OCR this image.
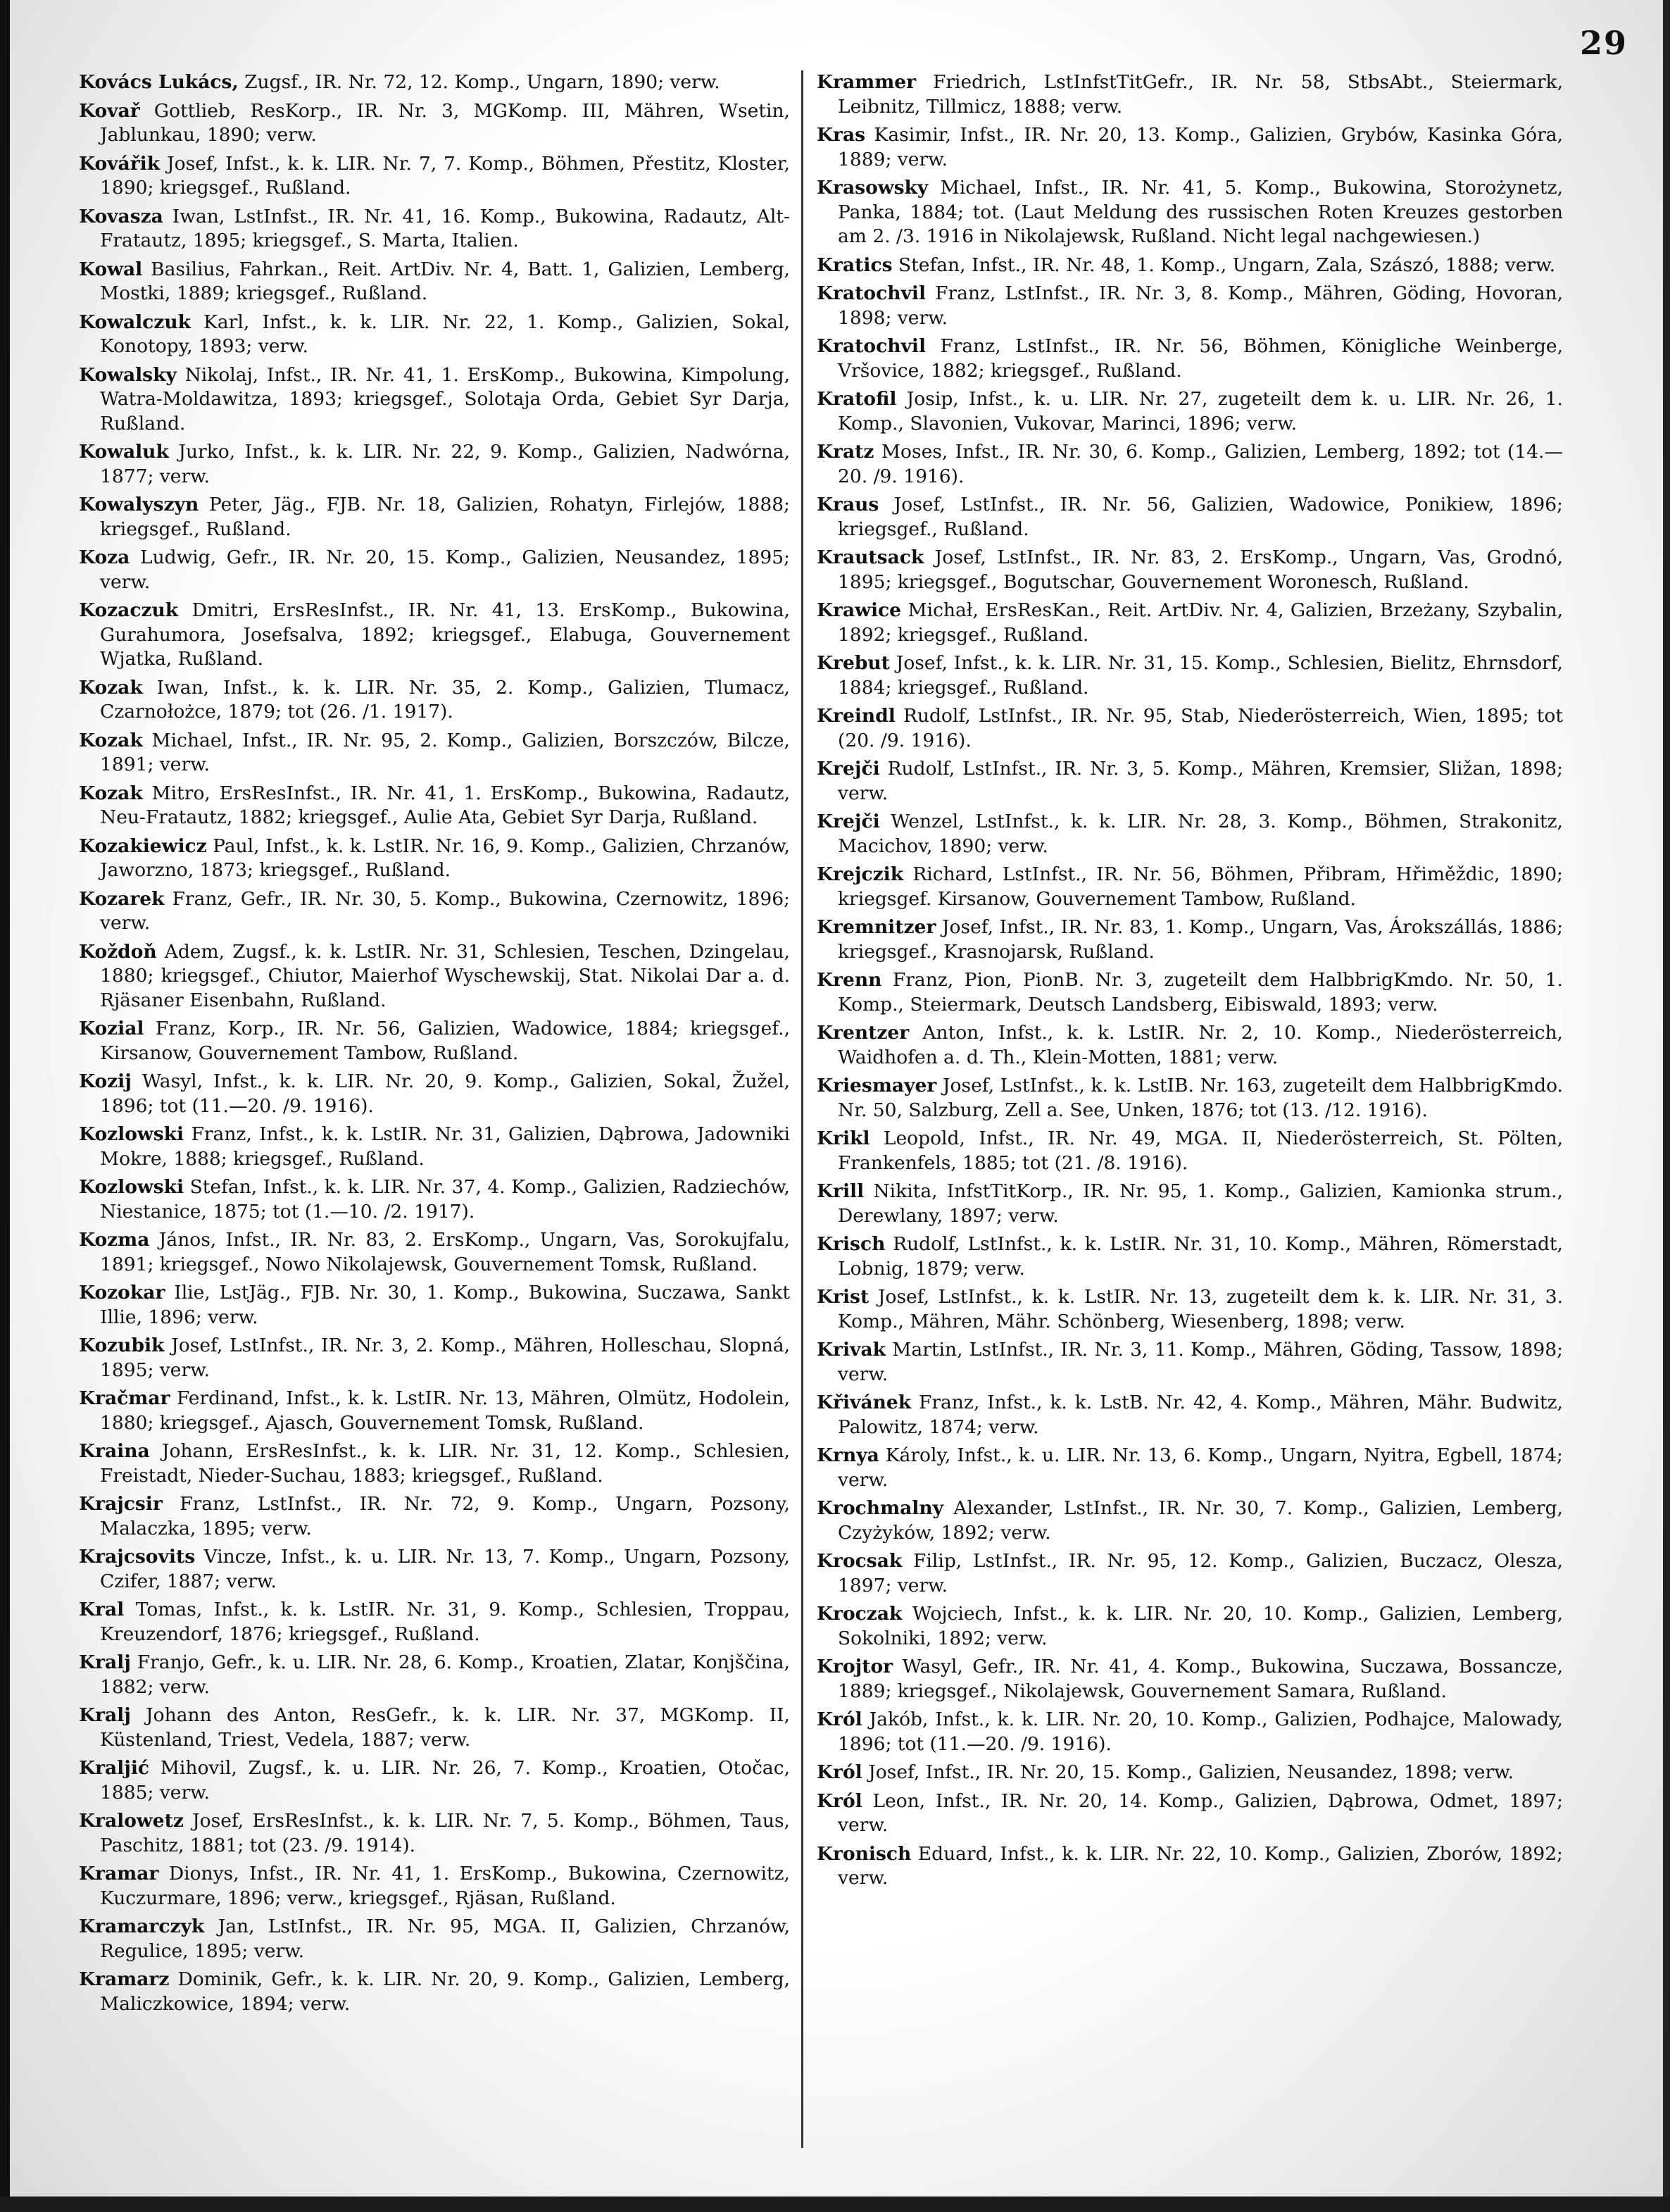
29

Kovács Lukács, Zugsf., IR. Nr. 72, 12. Komp., Ungarn, 1890; verw.

Kovař Gottlieb, ResKorp., IR. Nr. 3, MGKomp. III, Mähren, Wsetin, Jablunkau, 1890; verw.

Kovářik Josef, Infst., k. k. LIR. Nr. 7, 7. Komp., Böhmen, Přestitz, Kloster, 1890; kriegsgef., Rußland.

Kovasza Iwan, LstInfst., IR. Nr. 41, 16. Komp., Bukowina, Radautz, Alt-Fratautz, 1895; kriegsgef., S. Marta, Italien.

Kowal Basilius, Fahrkan., Reit. ArtDiv. Nr. 4, Batt. 1, Galizien, Lemberg, Mostki, 1889; kriegsgef., Rußland.

Kowalczuk Karl, Infst., k. k. LIR. Nr. 22, 1. Komp., Galizien, Sokal, Konotopy, 1893; verw.

Kowalsky Nikolaj, Infst., IR. Nr. 41, 1. ErsKomp., Bukowina, Kimpolung, Watra-Moldawitza, 1893; kriegsgef., Solotaja Orda, Gebiet Syr Darja, Rußland.

Kowaluk Jurko, Infst., k. k. LIR. Nr. 22, 9. Komp., Galizien, Nadwórna, 1877; verw.

Kowalyszyn Peter, Jäg., FJB. Nr. 18, Galizien, Rohatyn, Firlejów, 1888; kriegsgef., Rußland.

Koza Ludwig, Gefr., IR. Nr. 20, 15. Komp., Galizien, Neusandez, 1895; verw.

Kozaczuk Dmitri, ErsResInfst., IR. Nr. 41, 13. ErsKomp., Bukowina, Gurahumora, Josefsalva, 1892; kriegsgef., Elabuga, Gouvernement Wjatka, Rußland.

Kozak Iwan, Infst., k. k. LIR. Nr. 35, 2. Komp., Galizien, Tlumacz, Czarnołożce, 1879; tot (26. /1. 1917).

Kozak Michael, Infst., IR. Nr. 95, 2. Komp., Galizien, Borszczów, Bilcze, 1891; verw.

Kozak Mitro, ErsResInfst., IR. Nr. 41, 1. ErsKomp., Bukowina, Radautz, Neu-Fratautz, 1882; kriegsgef., Aulie Ata, Gebiet Syr Darja, Rußland.

Kozakiewicz Paul, Infst., k. k. LstIR. Nr. 16, 9. Komp., Galizien, Chrzanów, Jaworzno, 1873; kriegsgef., Rußland.

Kozarek Franz, Gefr., IR. Nr. 30, 5. Komp., Bukowina, Czernowitz, 1896; verw.

Koždoň Adem, Zugsf., k. k. LstIR. Nr. 31, Schlesien, Teschen, Dzingelau, 1880; kriegsgef., Chiutor, Maierhof Wyschewskij, Stat. Nikolai Dar a. d. Rjäsaner Eisenbahn, Rußland.

Kozial Franz, Korp., IR. Nr. 56, Galizien, Wadowice, 1884; kriegsgef., Kirsanow, Gouvernement Tambow, Rußland.

Kozij Wasyl, Infst., k. k. LIR. Nr. 20, 9. Komp., Galizien, Sokal, Žužel, 1896; tot (11.—20. /9. 1916).

Kozlowski Franz, Infst., k. k. LstIR. Nr. 31, Galizien, Dąbrowa, Jadowniki Mokre, 1888; kriegsgef., Rußland.

Kozlowski Stefan, Infst., k. k. LIR. Nr. 37, 4. Komp., Galizien, Radziechów, Niestanice, 1875; tot (1.—10. /2. 1917).

Kozma János, Infst., IR. Nr. 83, 2. ErsKomp., Ungarn, Vas, Sorokujfalu, 1891; kriegsgef., Nowo Nikolajewsk, Gouvernement Tomsk, Rußland.

Kozokar Ilie, LstJäg., FJB. Nr. 30, 1. Komp., Bukowina, Suczawa, Sankt Illie, 1896; verw.

Kozubik Josef, LstInfst., IR. Nr. 3, 2. Komp., Mähren, Holleschau, Slopná, 1895; verw.

Kračmar Ferdinand, Infst., k. k. LstIR. Nr. 13, Mähren, Olmütz, Hodolein, 1880; kriegsgef., Ajasch, Gouvernement Tomsk, Rußland.

Kraina Johann, ErsResInfst., k. k. LIR. Nr. 31, 12. Komp., Schlesien, Freistadt, Nieder-Suchau, 1883; kriegsgef., Rußland.

Krajcsir Franz, LstInfst., IR. Nr. 72, 9. Komp., Ungarn, Pozsony, Malaczka, 1895; verw.

Krajcsovits Vincze, Infst., k. u. LIR. Nr. 13, 7. Komp., Ungarn, Pozsony, Czifer, 1887; verw.

Kral Tomas, Infst., k. k. LstIR. Nr. 31, 9. Komp., Schlesien, Troppau, Kreuzendorf, 1876; kriegsgef., Rußland.

Kralj Franjo, Gefr., k. u. LIR. Nr. 28, 6. Komp., Kroatien, Zlatar, Konjščina, 1882; verw.

Kralj Johann des Anton, ResGefr., k. k. LIR. Nr. 37, MGKomp. II, Küstenland, Triest, Vedela, 1887; verw.

Kraljić Mihovil, Zugsf., k. u. LIR. Nr. 26, 7. Komp., Kroatien, Otočac, 1885; verw.

Kralowetz Josef, ErsResInfst., k. k. LIR. Nr. 7, 5. Komp., Böhmen, Taus, Paschitz, 1881; tot (23. /9. 1914).

Kramar Dionys, Infst., IR. Nr. 41, 1. ErsKomp., Bukowina, Czernowitz, Kuczurmare, 1896; verw., kriegsgef., Rjäsan, Rußland.

Kramarczyk Jan, LstInfst., IR. Nr. 95, MGA. II, Galizien, Chrzanów, Regulice, 1895; verw.

Kramarz Dominik, Gefr., k. k. LIR. Nr. 20, 9. Komp., Galizien, Lemberg, Maliczkowice, 1894; verw.

Krammer Friedrich, LstInfstTitGefr., IR. Nr. 58, StbsAbt., Steiermark, Leibnitz, Tillmicz, 1888; verw.

Kras Kasimir, Infst., IR. Nr. 20, 13. Komp., Galizien, Grybów, Kasinka Góra, 1889; verw.

Krasowsky Michael, Infst., IR. Nr. 41, 5. Komp., Bukowina, Storożynetz, Panka, 1884; tot. (Laut Meldung des russischen Roten Kreuzes gestorben am 2. /3. 1916 in Nikolajewsk, Rußland. Nicht legal nachgewiesen.)

Kratics Stefan, Infst., IR. Nr. 48, 1. Komp., Ungarn, Zala, Szászó, 1888; verw.

Kratochvil Franz, LstInfst., IR. Nr. 3, 8. Komp., Mähren, Göding, Hovoran, 1898; verw.

Kratochvil Franz, LstInfst., IR. Nr. 56, Böhmen, Königliche Weinberge, Vršovice, 1882; kriegsgef., Rußland.

Kratofil Josip, Infst., k. u. LIR. Nr. 27, zugeteilt dem k. u. LIR. Nr. 26, 1. Komp., Slavonien, Vukovar, Marinci, 1896; verw.

Kratz Moses, Infst., IR. Nr. 30, 6. Komp., Galizien, Lemberg, 1892; tot (14.—20. /9. 1916).

Kraus Josef, LstInfst., IR. Nr. 56, Galizien, Wadowice, Ponikiew, 1896; kriegsgef., Rußland.

Krautsack Josef, LstInfst., IR. Nr. 83, 2. ErsKomp., Ungarn, Vas, Grodnó, 1895; kriegsgef., Bogutschar, Gouvernement Woronesch, Rußland.

Krawice Michał, ErsResKan., Reit. ArtDiv. Nr. 4, Galizien, Brzeżany, Szybalin, 1892; kriegsgef., Rußland.

Krebut Josef, Infst., k. k. LIR. Nr. 31, 15. Komp., Schlesien, Bielitz, Ehrnsdorf, 1884; kriegsgef., Rußland.

Kreindl Rudolf, LstInfst., IR. Nr. 95, Stab, Niederösterreich, Wien, 1895; tot (20. /9. 1916).

Krejči Rudolf, LstInfst., IR. Nr. 3, 5. Komp., Mähren, Kremsier, Sližan, 1898; verw.

Krejči Wenzel, LstInfst., k. k. LIR. Nr. 28, 3. Komp., Böhmen, Strakonitz, Macichov, 1890; verw.

Krejczik Richard, LstInfst., IR. Nr. 56, Böhmen, Přibram, Hřiměždic, 1890; kriegsgef. Kirsanow, Gouvernement Tambow, Rußland.

Kremnitzer Josef, Infst., IR. Nr. 83, 1. Komp., Ungarn, Vas, Árokszállás, 1886; kriegsgef., Krasnojarsk, Rußland.

Krenn Franz, Pion, PionB. Nr. 3, zugeteilt dem HalbbrigKmdo. Nr. 50, 1. Komp., Steiermark, Deutsch Landsberg, Eibiswald, 1893; verw.

Krentzer Anton, Infst., k. k. LstIR. Nr. 2, 10. Komp., Niederösterreich, Waidhofen a. d. Th., Klein-Motten, 1881; verw.

Kriesmayer Josef, LstInfst., k. k. LstIB. Nr. 163, zugeteilt dem HalbbrigKmdo. Nr. 50, Salzburg, Zell a. See, Unken, 1876; tot (13. /12. 1916).

Krikl Leopold, Infst., IR. Nr. 49, MGA. II, Niederösterreich, St. Pölten, Frankenfels, 1885; tot (21. /8. 1916).

Krill Nikita, InfstTitKorp., IR. Nr. 95, 1. Komp., Galizien, Kamionka strum., Derewlany, 1897; verw.

Krisch Rudolf, LstInfst., k. k. LstIR. Nr. 31, 10. Komp., Mähren, Römerstadt, Lobnig, 1879; verw.

Krist Josef, LstInfst., k. k. LstIR. Nr. 13, zugeteilt dem k. k. LIR. Nr. 31, 3. Komp., Mähren, Mähr. Schönberg, Wiesenberg, 1898; verw.

Krivak Martin, LstInfst., IR. Nr. 3, 11. Komp., Mähren, Göding, Tassow, 1898; verw.

Křivánek Franz, Infst., k. k. LstB. Nr. 42, 4. Komp., Mähren, Mähr. Budwitz, Palowitz, 1874; verw.

Krnya Károly, Infst., k. u. LIR. Nr. 13, 6. Komp., Ungarn, Nyitra, Egbell, 1874; verw.

Krochmalny Alexander, LstInfst., IR. Nr. 30, 7. Komp., Galizien, Lemberg, Czyżyków, 1892; verw.

Krocsak Filip, LstInfst., IR. Nr. 95, 12. Komp., Galizien, Buczacz, Olesza, 1897; verw.

Kroczak Wojciech, Infst., k. k. LIR. Nr. 20, 10. Komp., Galizien, Lemberg, Sokolniki, 1892; verw.

Krojtor Wasyl, Gefr., IR. Nr. 41, 4. Komp., Bukowina, Suczawa, Bossancze, 1889; kriegsgef., Nikolajewsk, Gouvernement Samara, Rußland.

Król Jakób, Infst., k. k. LIR. Nr. 20, 10. Komp., Galizien, Podhajce, Malowady, 1896; tot (11.—20. /9. 1916).

Król Josef, Infst., IR. Nr. 20, 15. Komp., Galizien, Neusandez, 1898; verw.

Król Leon, Infst., IR. Nr. 20, 14. Komp., Galizien, Dąbrowa, Odmet, 1897; verw.

Kronisch Eduard, Infst., k. k. LIR. Nr. 22, 10. Komp., Galizien, Zborów, 1892; verw.
